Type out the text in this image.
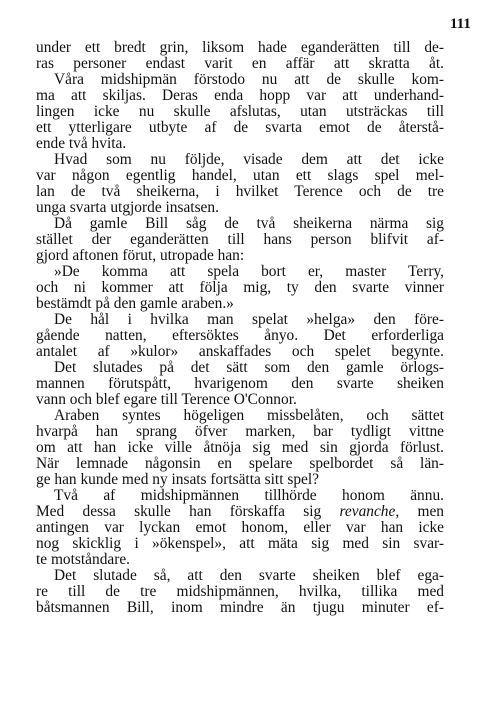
111
under ett bredt grin, liksom hade eganderätten till de-
ras personer endast varit en affär att skratta åt.
Våra midshipmän förstodo nu att de skulle kom-
ma att skiljas. Deras enda hopp var att underhand-
lingen icke nu skulle afslutas, utan utsträckas till
ett ytterligare utbyte af de svarta emot de återstå-
ende två hvita.
Hvad som nu följde, visade dem att det icke
var någon egentlig handel, utan ett slags spel mel-
lan de två sheikerna, i hvilket Terence och de tre
unga svarta utgjorde insatsen.
Då gamle Bill såg de två sheikerna närma sig
stället der eganderätten till hans person blifvit af-
gjord aftonen förut, utropade han:
»De komma att spela bort er, master Terry,
och ni kommer att följa mig, ty den svarte vinner
bestämdt på den gamle araben.»
De hål i hvilka man spelat »helga» den före-
gående natten, eftersöktes ånyo. Det erforderliga
antalet af »kulor» anskaffades och spelet begynte.
Det slutades på det sätt som den gamle örlogs-
mannen förutspått, hvarigenom den svarte sheiken
vann och blef egare till Terence O'Connor.
Araben syntes högeligen missbelåten, och sättet
hvarpå han sprang öfver marken, bar tydligt vittne
om att han icke ville åtnöja sig med sin gjorda förlust.
När lemnade någonsin en spelare spelbordet så län-
ge han kunde med ny insats fortsätta sitt spel?
Två af midshipmännen tillhörde honom ännu.
Med dessa skulle han förskaffa sig revanche, men
antingen var lyckan emot honom, eller var han icke
nog skicklig i »ökenspel», att mäta sig med sin svar-
te motståndare.
Det slutade så, att den svarte sheiken blef ega-
re till de tre midshipmännen, hvilka, tillika med
båtsmannen Bill, inom mindre än tjugu minuter ef-
